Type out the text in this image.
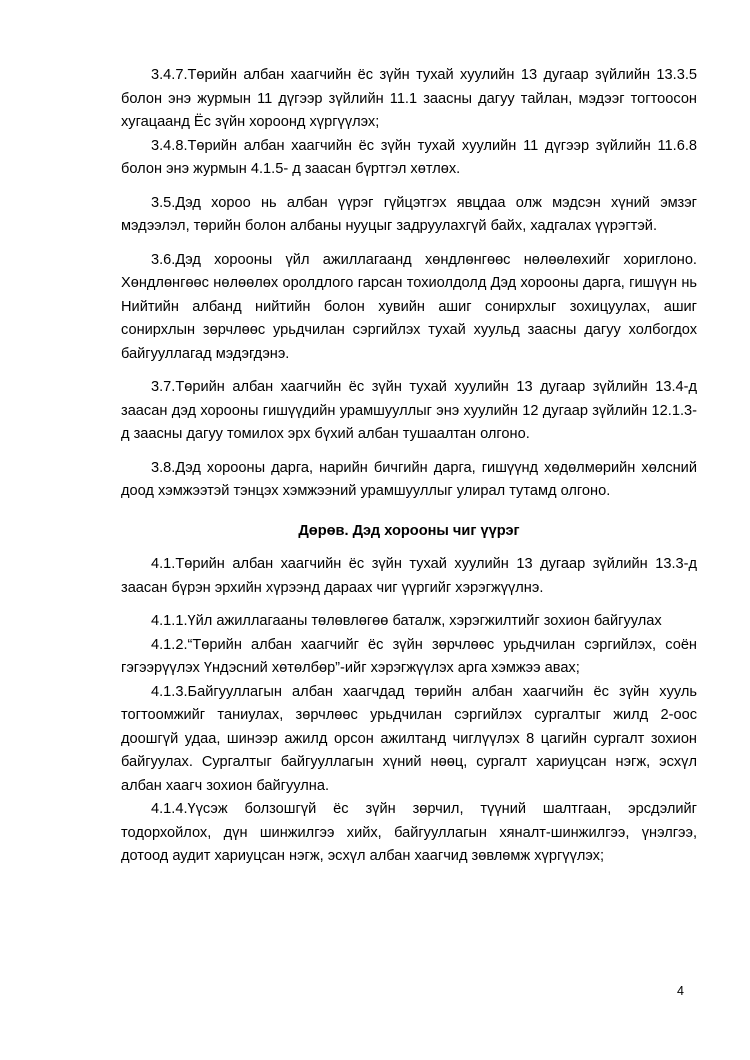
3.4.7.Төрийн албан хаагчийн ёс зүйн тухай хуулийн 13 дугаар зүйлийн 13.3.5 болон энэ журмын 11 дүгээр зүйлийн 11.1 заасны дагуу тайлан, мэдээг тогтоосон хугацаанд Ёс зүйн хороонд хүргүүлэх;

3.4.8.Төрийн албан хаагчийн ёс зүйн тухай хуулийн 11 дүгээр зүйлийн 11.6.8 болон энэ журмын 4.1.5- д заасан бүртгэл хөтлөх.

3.5.Дэд хороо нь албан үүрэг гүйцэтгэх явцдаа олж мэдсэн хүний эмзэг мэдээлэл, төрийн болон албаны нууцыг задруулахгүй байх, хадгалах үүрэгтэй.

3.6.Дэд хорооны үйл ажиллагаанд хөндлөнгөөс нөлөөлөхийг хориглоно. Хөндлөнгөөс нөлөөлөх оролдлого гарсан тохиолдолд Дэд хорооны дарга, гишүүн нь Нийтийн албанд нийтийн болон хувийн ашиг сонирхлыг зохицуулах, ашиг сонирхлын зөрчлөөс урьдчилан сэргийлэх тухай хуульд заасны дагуу холбогдох байгууллагад мэдэгдэнэ.

3.7.Төрийн албан хаагчийн ёс зүйн тухай хуулийн 13 дугаар зүйлийн 13.4-д заасан дэд хорооны гишүүдийн урамшууллыг энэ хуулийн 12 дугаар зүйлийн 12.1.3-д заасны дагуу томилох эрх бүхий албан тушаалтан олгоно.

3.8.Дэд хорооны дарга, нарийн бичгийн дарга, гишүүнд хөдөлмөрийн хөлсний доод хэмжээтэй тэнцэх хэмжээний урамшууллыг улирал тутамд олгоно.

Дөрөв. Дэд хорооны чиг үүрэг

4.1.Төрийн албан хаагчийн ёс зүйн тухай хуулийн 13 дугаар зүйлийн 13.3-д заасан бүрэн эрхийн хүрээнд дараах чиг үүргийг хэрэгжүүлнэ.

4.1.1.Үйл ажиллагааны төлөвлөгөө баталж, хэрэгжилтийг зохион байгуулах

4.1.2.“Төрийн албан хаагчийг ёс зүйн зөрчлөөс урьдчилан сэргийлэх, соён гэгээрүүлэх Үндэсний хөтөлбөр”-ийг хэрэгжүүлэх арга хэмжээ авах;

4.1.3.Байгууллагын албан хаагчдад төрийн албан хаагчийн ёс зүйн хууль тогтоомжийг таниулах, зөрчлөөс урьдчилан сэргийлэх сургалтыг жилд 2-оос доошгүй удаа, шинээр ажилд орсон ажилтанд чиглүүлэх 8 цагийн сургалт зохион байгуулах. Сургалтыг байгууллагын хүний нөөц, сургалт хариуцсан нэгж, эсхүл албан хаагч зохион байгуулна.

4.1.4.Үүсэж болзошгүй ёс зүйн зөрчил, түүний шалтгаан, эрсдэлийг тодорхойлох, дүн шинжилгээ хийх, байгууллагын хяналт-шинжилгээ, үнэлгээ, дотоод аудит хариуцсан нэгж, эсхүл албан хаагчид зөвлөмж хүргүүлэх;

4
